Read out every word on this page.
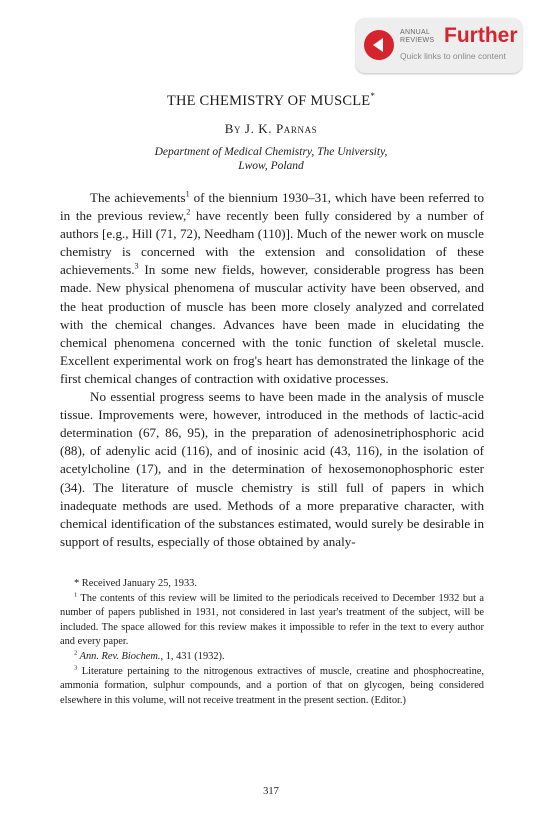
ANNUAL
REVIEWS Further
Quick links to online content
THE CHEMISTRY OF MUSCLE*
By J. K. Parnas
Department of Medical Chemistry, The University,
Lwow, Poland

The achievements$^1$ of the biennium 1930–31, which have been referred to in the previous review,$^2$ have recently been fully considered by a number of authors [e.g., Hill (71, 72), Needham (110)]. Much of the newer work on muscle chemistry is concerned with the extension and consolidation of these achievements.$^3$ In some new fields, however, considerable progress has been made. New physical phenomena of muscular activity have been observed, and the heat production of muscle has been more closely analyzed and correlated with the chemical changes. Advances have been made in elucidating the chemical phenomena concerned with the tonic function of skeletal muscle. Excellent experimental work on frog's heart has demonstrated the linkage of the first chemical changes of contraction with oxidative processes.

No essential progress seems to have been made in the analysis of muscle tissue. Improvements were, however, introduced in the methods of lactic-acid determination (67, 86, 95), in the preparation of adenosinetriphosphoric acid (88), of adenylic acid (116), and of inosinic acid (43, 116), in the isolation of acetylcholine (17), and in the determination of hexosemonophosphoric ester (34). The literature of muscle chemistry is still full of papers in which inadequate methods are used. Methods of a more preparative character, with chemical identification of the substances estimated, would surely be desirable in support of results, especially of those obtained by analy-

* Received January 25, 1933.

$^1$ The contents of this review will be limited to the periodicals received to December 1932 but a number of papers published in 1931, not considered in last year's treatment of the subject, will be included. The space allowed for this review makes it impossible to refer in the text to every author and every paper.

$^2$ Ann. Rev. Biochem., 1, 431 (1932).

$^3$ Literature pertaining to the nitrogenous extractives of muscle, creatine and phosphocreatine, ammonia formation, sulphur compounds, and a portion of that on glycogen, being considered elsewhere in this volume, will not receive treatment in the present section. (Editor.)

317
